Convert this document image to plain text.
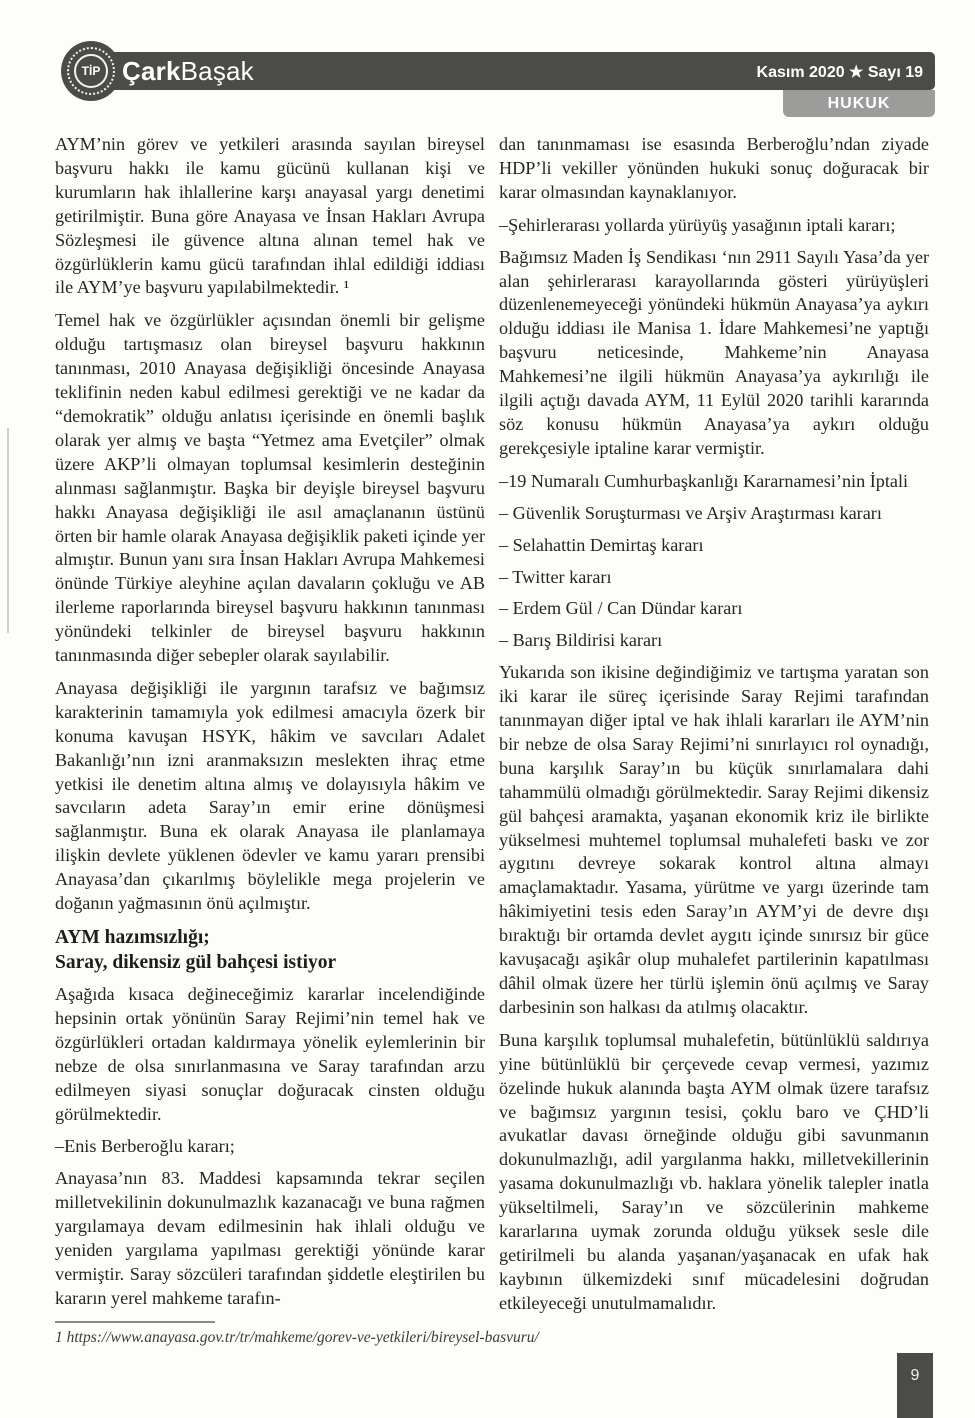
TİP ÇarkBaşak	Kasım 2020 ★ Sayı 19
HUKUK

AYM’nin görev ve yetkileri arasında sayılan bireysel başvuru hakkı ile kamu gücünü kullanan kişi ve kurumların hak ihlallerine karşı anayasal yargı denetimi getirilmiştir. Buna göre Anayasa ve İnsan Hakları Avrupa Sözleşmesi ile güvence altına alınan temel hak ve özgürlüklerin kamu gücü tarafından ihlal edildiği iddiası ile AYM’ye başvuru yapılabilmektedir. ¹

Temel hak ve özgürlükler açısından önemli bir gelişme olduğu tartışmasız olan bireysel başvuru hakkının tanınması, 2010 Anayasa değişikliği öncesinde Anayasa teklifinin neden kabul edilmesi gerektiği ve ne kadar da “demokratik” olduğu anlatısı içerisinde en önemli başlık olarak yer almış ve başta “Yetmez ama Evetçiler” olmak üzere AKP’li olmayan toplumsal kesimlerin desteğinin alınması sağlanmıştır. Başka bir deyişle bireysel başvuru hakkı Anayasa değişikliği ile asıl amaçlananın üstünü örten bir hamle olarak Anayasa değişiklik paketi içinde yer almıştır. Bunun yanı sıra İnsan Hakları Avrupa Mahkemesi önünde Türkiye aleyhine açılan davaların çokluğu ve AB ilerleme raporlarında bireysel başvuru hakkının tanınması yönündeki telkinler de bireysel başvuru hakkının tanınmasında diğer sebepler olarak sayılabilir.

Anayasa değişikliği ile yargının tarafsız ve bağımsız karakterinin tamamıyla yok edilmesi amacıyla özerk bir konuma kavuşan HSYK, hâkim ve savcıları Adalet Bakanlığı’nın izni aranmaksızın meslekten ihraç etme yetkisi ile denetim altına almış ve dolayısıyla hâkim ve savcıların adeta Saray’ın emir erine dönüşmesi sağlanmıştır. Buna ek olarak Anayasa ile planlamaya ilişkin devlete yüklenen ödevler ve kamu yararı prensibi Anayasa’dan çıkarılmış böylelikle mega projelerin ve doğanın yağmasının önü açılmıştır.

AYM hazımsızlığı;
Saray, dikensiz gül bahçesi istiyor

Aşağıda kısaca değineceğimiz kararlar incelendiğinde hepsinin ortak yönünün Saray Rejimi’nin temel hak ve özgürlükleri ortadan kaldırmaya yönelik eylemlerinin bir nebze de olsa sınırlanmasına ve Saray tarafından arzu edilmeyen siyasi sonuçlar doğuracak cinsten olduğu görülmektedir.

–Enis Berberoğlu kararı;

Anayasa’nın 83. Maddesi kapsamında tekrar seçilen milletvekilinin dokunulmazlık kazanacağı ve buna rağmen yargılamaya devam edilmesinin hak ihlali olduğu ve yeniden yargılama yapılması gerektiği yönünde karar vermiştir. Saray sözcüleri tarafından şiddetle eleştirilen bu kararın yerel mahkeme tarafın-

dan tanınmaması ise esasında Berberoğlu’ndan ziyade HDP’li vekiller yönünden hukuki sonuç doğuracak bir karar olmasından kaynaklanıyor.

–Şehirlerarası yollarda yürüyüş yasağının iptali kararı;

Bağımsız Maden İş Sendikası ‘nın 2911 Sayılı Yasa’da yer alan şehirlerarası karayollarında gösteri yürüyüşleri düzenlenemeyeceği yönündeki hükmün Anayasa’ya aykırı olduğu iddiası ile Manisa 1. İdare Mahkemesi’ne yaptığı başvuru neticesinde, Mahkeme’nin Anayasa Mahkemesi’ne ilgili hükmün Anayasa’ya aykırılığı ile ilgili açtığı davada AYM, 11 Eylül 2020 tarihli kararında söz konusu hükmün Anayasa’ya aykırı olduğu gerekçesiyle iptaline karar vermiştir.

–19 Numaralı Cumhurbaşkanlığı Kararnamesi’nin İptali

– Güvenlik Soruşturması ve Arşiv Araştırması kararı

– Selahattin Demirtaş kararı

– Twitter kararı

– Erdem Gül / Can Dündar kararı

– Barış Bildirisi kararı

Yukarıda son ikisine değindiğimiz ve tartışma yaratan son iki karar ile süreç içerisinde Saray Rejimi tarafından tanınmayan diğer iptal ve hak ihlali kararları ile AYM’nin bir nebze de olsa Saray Rejimi’ni sınırlayıcı rol oynadığı, buna karşılık Saray’ın bu küçük sınırlamalara dahi tahammülü olmadığı görülmektedir. Saray Rejimi dikensiz gül bahçesi aramakta, yaşanan ekonomik kriz ile birlikte yükselmesi muhtemel toplumsal muhalefeti baskı ve zor aygıtını devreye sokarak kontrol altına almayı amaçlamaktadır. Yasama, yürütme ve yargı üzerinde tam hâkimiyetini tesis eden Saray’ın AYM’yi de devre dışı bıraktığı bir ortamda devlet aygıtı içinde sınırsız bir güce kavuşacağı aşikâr olup muhalefet partilerinin kapatılması dâhil olmak üzere her türlü işlemin önü açılmış ve Saray darbesinin son halkası da atılmış olacaktır.

Buna karşılık toplumsal muhalefetin, bütünlüklü saldırıya yine bütünlüklü bir çerçevede cevap vermesi, yazımız özelinde hukuk alanında başta AYM olmak üzere tarafsız ve bağımsız yargının tesisi, çoklu baro ve ÇHD’li avukatlar davası örneğinde olduğu gibi savunmanın dokunulmazlığı, adil yargılanma hakkı, milletvekillerinin yasama dokunulmazlığı vb. haklara yönelik talepler inatla yükseltilmeli, Saray’ın ve sözcülerinin mahkeme kararlarına uymak zorunda olduğu yüksek sesle dile getirilmeli bu alanda yaşanan/yaşanacak en ufak hak kaybının ülkemizdeki sınıf mücadelesini doğrudan etkileyeceği unutulmamalıdır.

1 https://www.anayasa.gov.tr/tr/mahkeme/gorev-ve-yetkileri/bireysel-basvuru/
9
